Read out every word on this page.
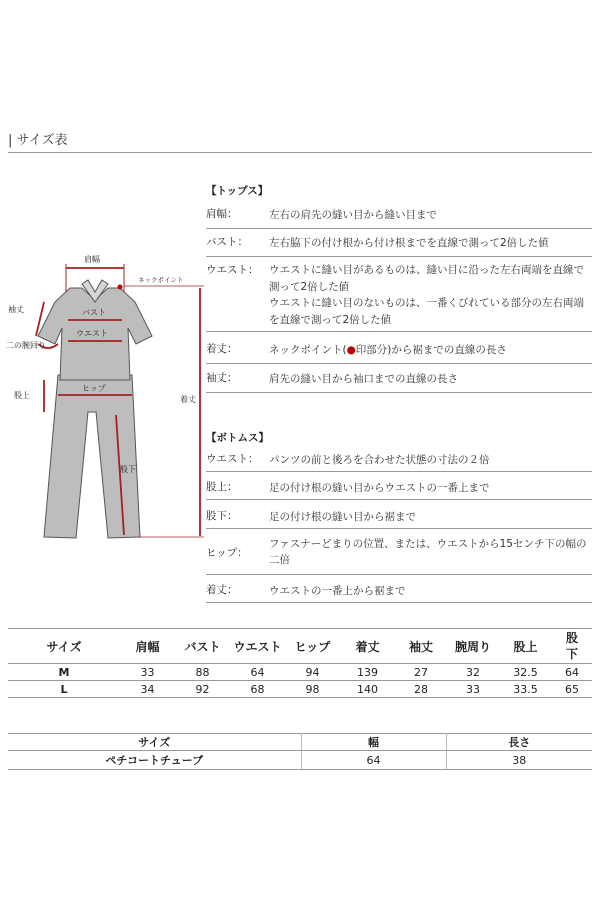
| サイズ表
肩幅
ネックポイント
袖丈	バスト
ウエスト
二の腕回り
股上
ヒップ
着丈
股下
【トップス】
肩幅：	左右の肩先の縫い目から縫い目まで
バスト： 左右脇下の付け根から付け根までを直線で測って2倍した値
ウエスト： ウエストに縫い目があるものは、縫い目に沿った左右両端を直線で
測って2倍した値
ウエストに縫い目のないものは、一番くびれている部分の左右両端
を直線で測って2倍した値
着丈：	ネックポイント(●印部分)から裾までの直線の長さ
袖丈：	肩先の縫い目から袖口までの直線の長さ
【ボトムス】
ウエスト： パンツの前と後ろを合わせた状態の寸法の２倍
股上：	足の付け根の縫い目からウエストの一番上まで
股下：	足の付け根の縫い目から裾まで
ヒップ：
ファスナーどまりの位置、または、ウエストから15センチ下の幅の
二倍
着丈：	ウエストの一番上から裾まで
サイズ	肩幅	バスト	ウエスト	ヒップ	着丈	袖丈	腕周り	股上	股下
M	33	88	64	94	139	27	32	32.5	64
L	34	92	68	98	140	28	33	33.5	65
サイズ	幅	長さ
ペチコートチューブ	64	38
